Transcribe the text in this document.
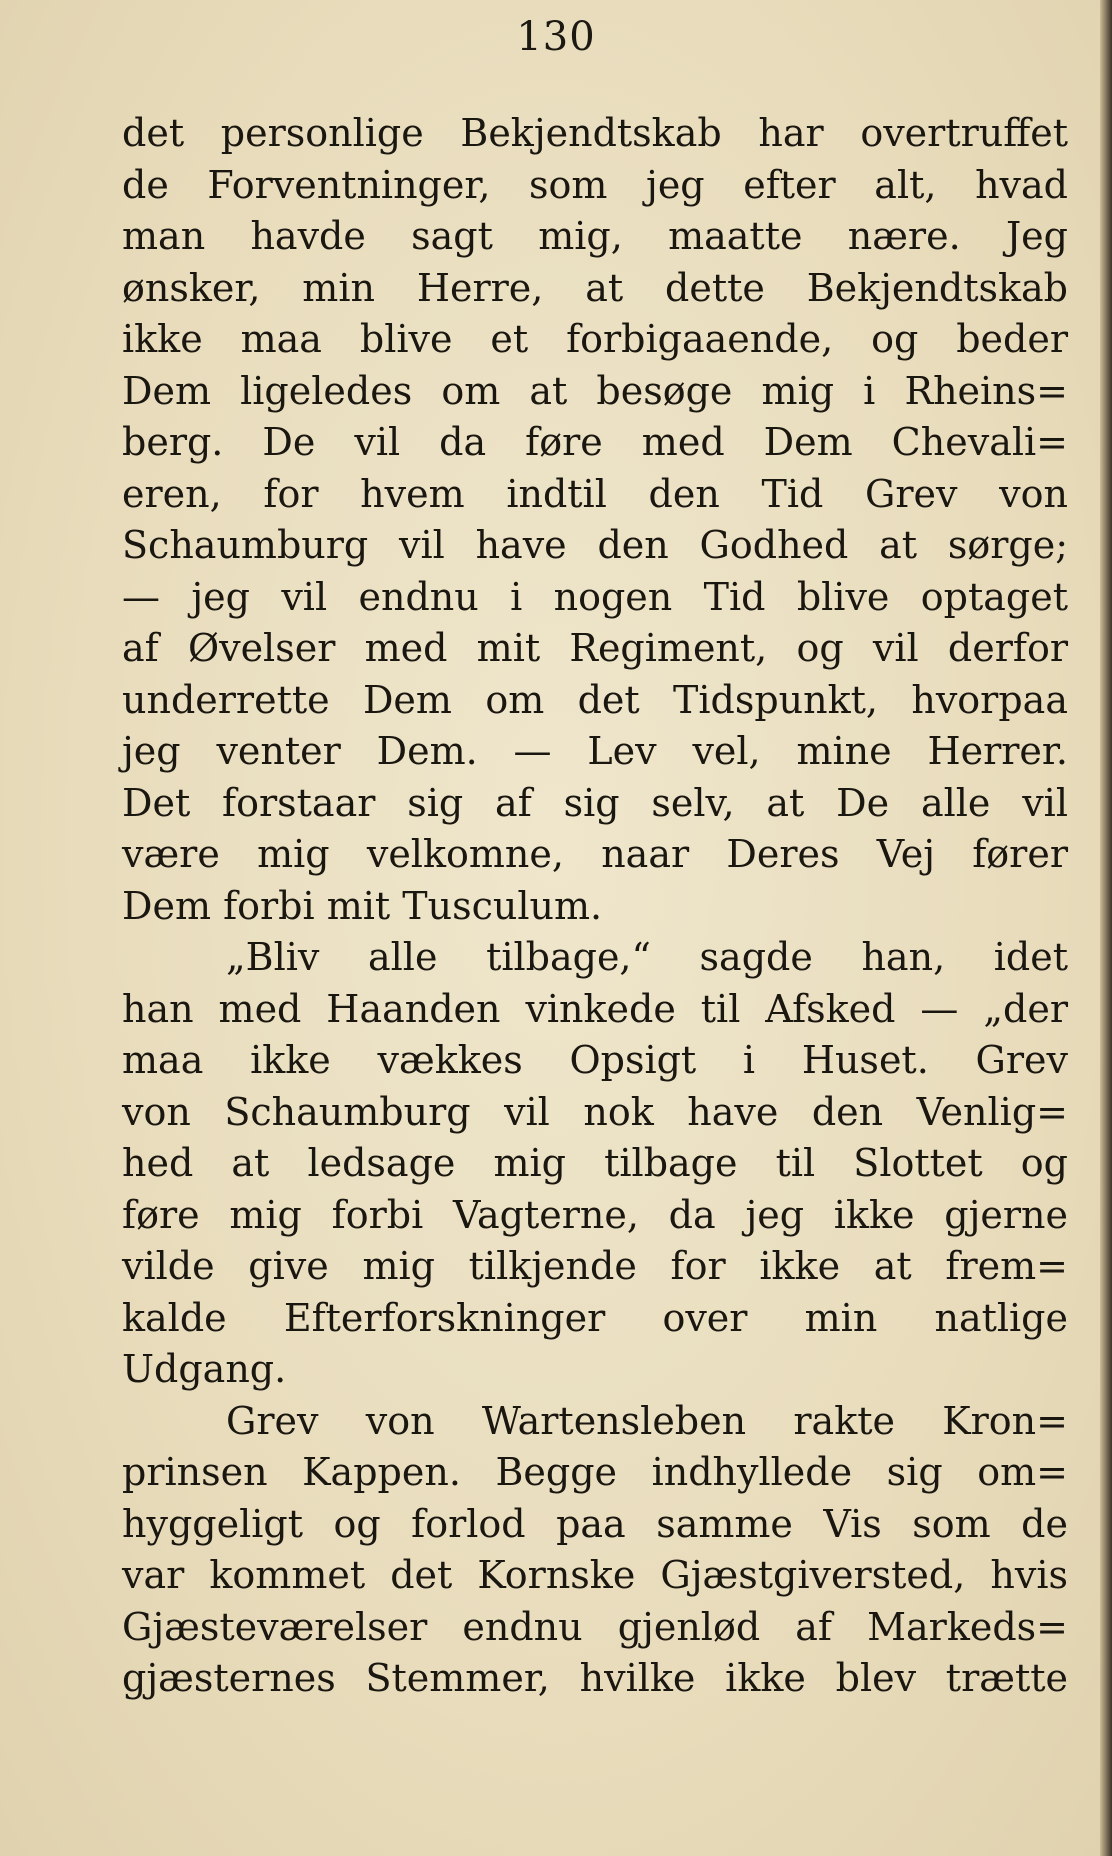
130
det personlige Bekjendtskab har overtruffet
de Forventninger, som jeg efter alt, hvad
man havde sagt mig, maatte nære. Jeg
ønsker, min Herre, at dette Bekjendtskab
ikke maa blive et forbigaaende, og beder
Dem ligeledes om at besøge mig i Rheins=
berg. De vil da føre med Dem Chevali=
eren, for hvem indtil den Tid Grev von
Schaumburg vil have den Godhed at sørge;
— jeg vil endnu i nogen Tid blive optaget
af Øvelser med mit Regiment, og vil derfor
underrette Dem om det Tidspunkt, hvorpaa
jeg venter Dem. — Lev vel, mine Herrer.
Det forstaar sig af sig selv, at De alle vil
være mig velkomne, naar Deres Vej fører
Dem forbi mit Tusculum.
„Bliv alle tilbage,“ sagde han, idet
han med Haanden vinkede til Afsked — „der
maa ikke vækkes Opsigt i Huset. Grev
von Schaumburg vil nok have den Venlig=
hed at ledsage mig tilbage til Slottet og
føre mig forbi Vagterne, da jeg ikke gjerne
vilde give mig tilkjende for ikke at frem=
kalde Efterforskninger over min natlige
Udgang.
Grev von Wartensleben rakte Kron=
prinsen Kappen. Begge indhyllede sig om=
hyggeligt og forlod paa samme Vis som de
var kommet det Kornske Gjæstgiversted, hvis
Gjæsteværelser endnu gjenlød af Markeds=
gjæsternes Stemmer, hvilke ikke blev trætte
